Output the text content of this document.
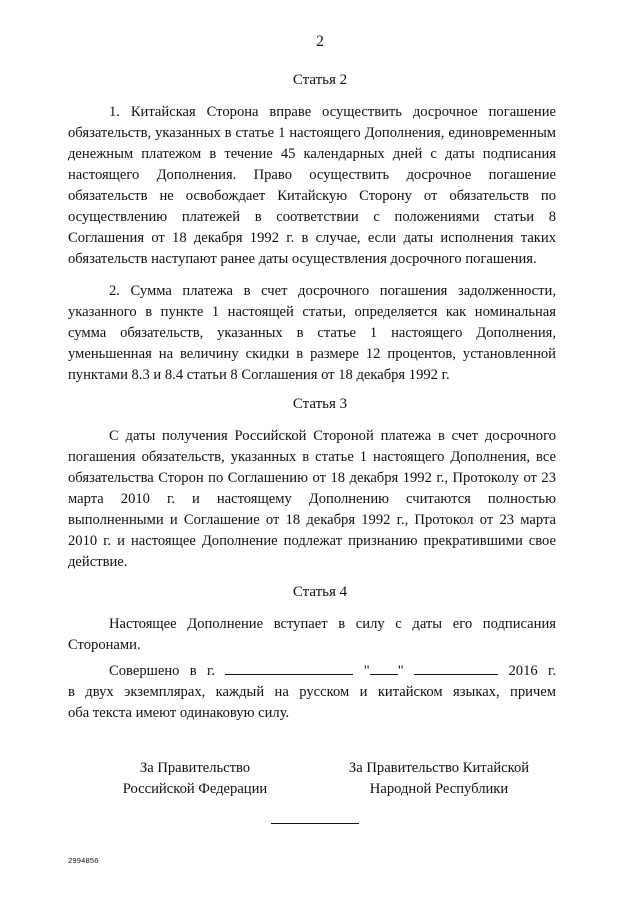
2
Статья 2

1. Китайская Сторона вправе осуществить досрочное погашение обязательств, указанных в статье 1 настоящего Дополнения, единовременным денежным платежом в течение 45 календарных дней с даты подписания настоящего Дополнения. Право осуществить досрочное погашение обязательств не освобождает Китайскую Сторону от обязательств по осуществлению платежей в соответствии с положениями статьи 8 Соглашения от 18 декабря 1992 г. в случае, если даты исполнения таких обязательств наступают ранее даты осуществления досрочного погашения.

2. Сумма платежа в счет досрочного погашения задолженности, указанного в пункте 1 настоящей статьи, определяется как номинальная сумма обязательств, указанных в статье 1 настоящего Дополнения, уменьшенная на величину скидки в размере 12 процентов, установленной пунктами 8.3 и 8.4 статьи 8 Соглашения от 18 декабря 1992 г.

Статья 3

С даты получения Российской Стороной платежа в счет досрочного погашения обязательств, указанных в статье 1 настоящего Дополнения, все обязательства Сторон по Соглашению от 18 декабря 1992 г., Протоколу от 23 марта 2010 г. и настоящему Дополнению считаются полностью выполненными и Соглашение от 18 декабря 1992 г., Протокол от 23 марта 2010 г. и настоящее Дополнение подлежат признанию прекратившими свое действие.

Статья 4

Настоящее Дополнение вступает в силу с даты его подписания Сторонами.

Совершено в г.	" "	2016 г.
в двух экземплярах, каждый на русском и китайском языках, причем
оба текста имеют одинаковую силу.
За Правительство
Российской Федерации
За Правительство Китайской
Народной Республики
2994856
